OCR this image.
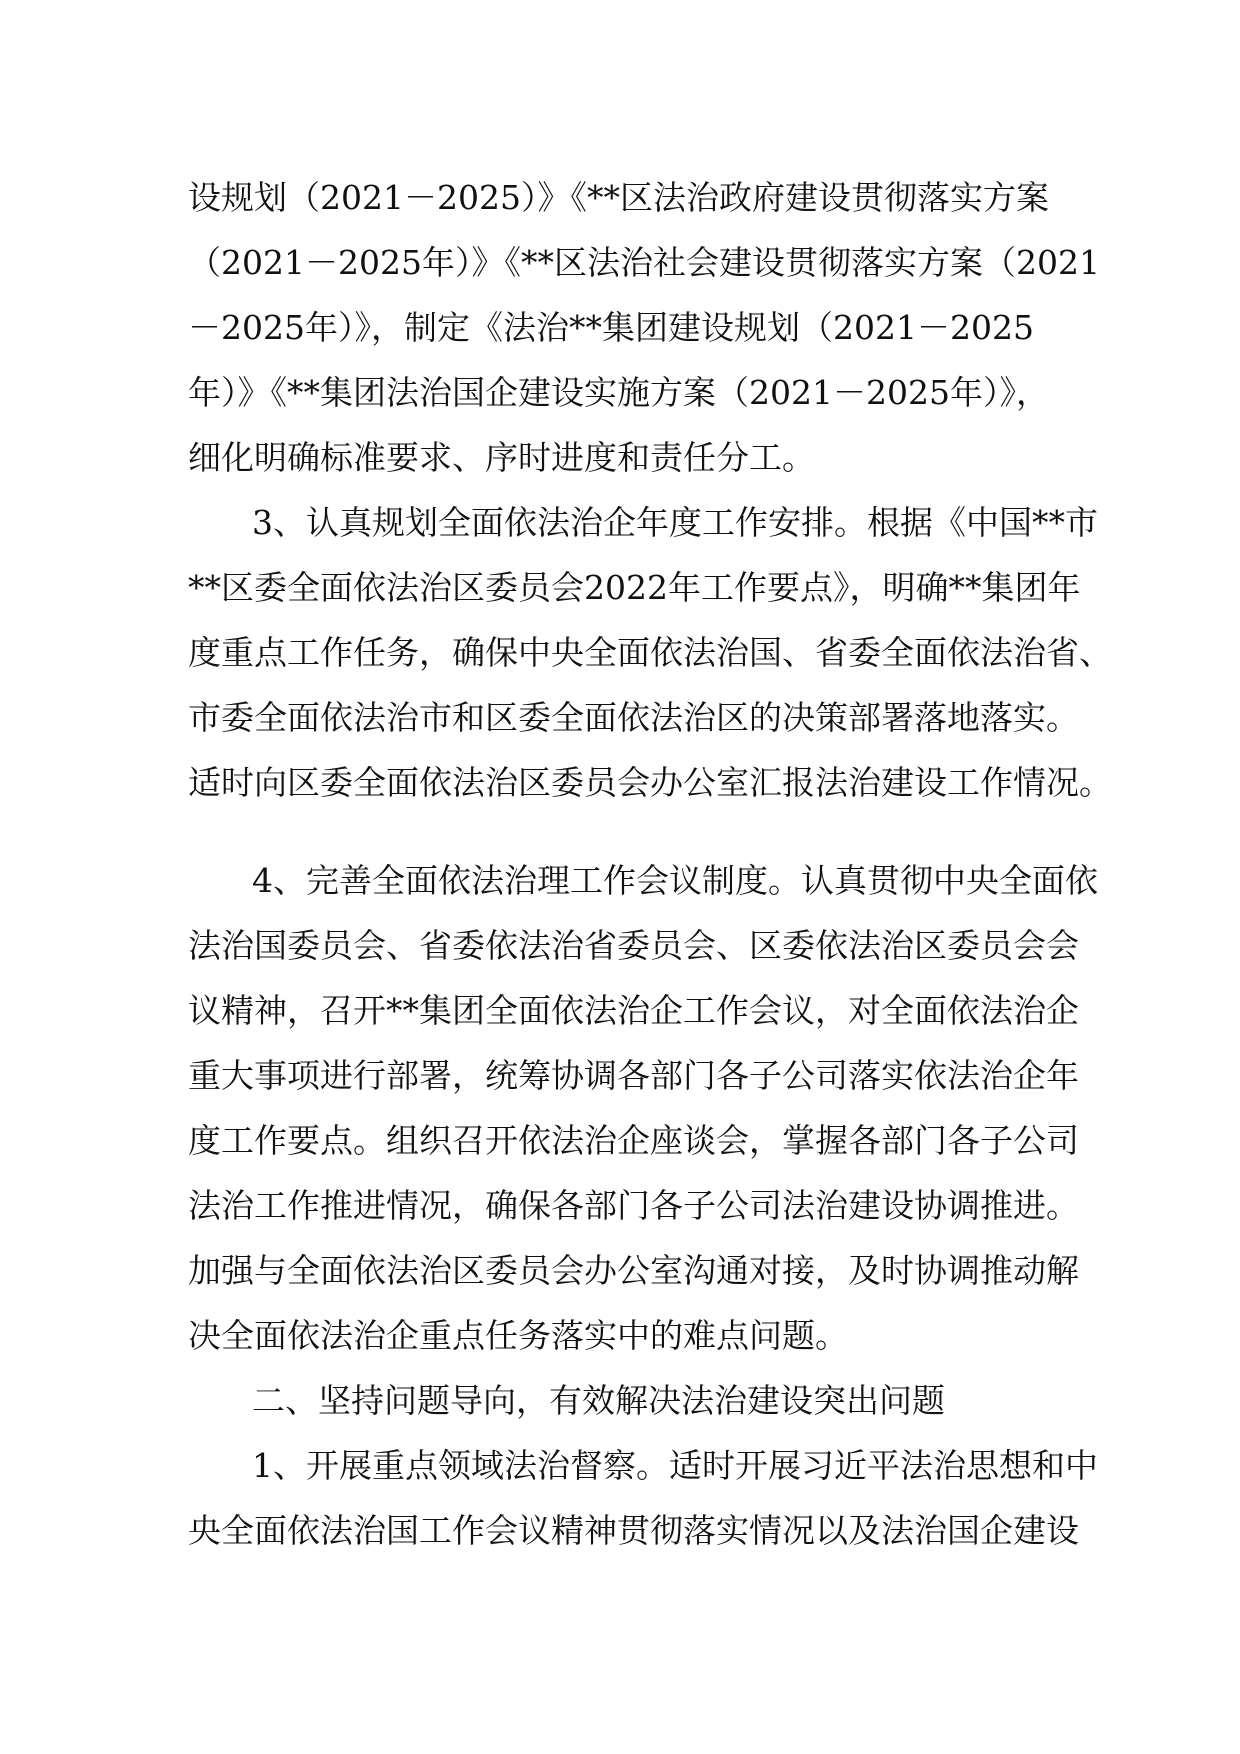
设规划（2021－2025）》《**区法治政府建设贯彻落实方案
（2021－2025年）》《**区法治社会建设贯彻落实方案（2021
－2025年）》，制定《法治**集团建设规划（2021－2025
年）》《**集团法治国企建设实施方案（2021－2025年）》，
细化明确标准要求、序时进度和责任分工。
3、认真规划全面依法治企年度工作安排。根据《中国**市
**区委全面依法治区委员会2022年工作要点》，明确**集团年
度重点工作任务，确保中央全面依法治国、省委全面依法治省、
市委全面依法治市和区委全面依法治区的决策部署落地落实。
适时向区委全面依法治区委员会办公室汇报法治建设工作情况。
4、完善全面依法治理工作会议制度。认真贯彻中央全面依
法治国委员会、省委依法治省委员会、区委依法治区委员会会
议精神，召开**集团全面依法治企工作会议，对全面依法治企
重大事项进行部署，统筹协调各部门各子公司落实依法治企年
度工作要点。组织召开依法治企座谈会，掌握各部门各子公司
法治工作推进情况，确保各部门各子公司法治建设协调推进。
加强与全面依法治区委员会办公室沟通对接，及时协调推动解
决全面依法治企重点任务落实中的难点问题。
二、坚持问题导向，有效解决法治建设突出问题
1、开展重点领域法治督察。适时开展习近平法治思想和中
央全面依法治国工作会议精神贯彻落实情况以及法治国企建设
